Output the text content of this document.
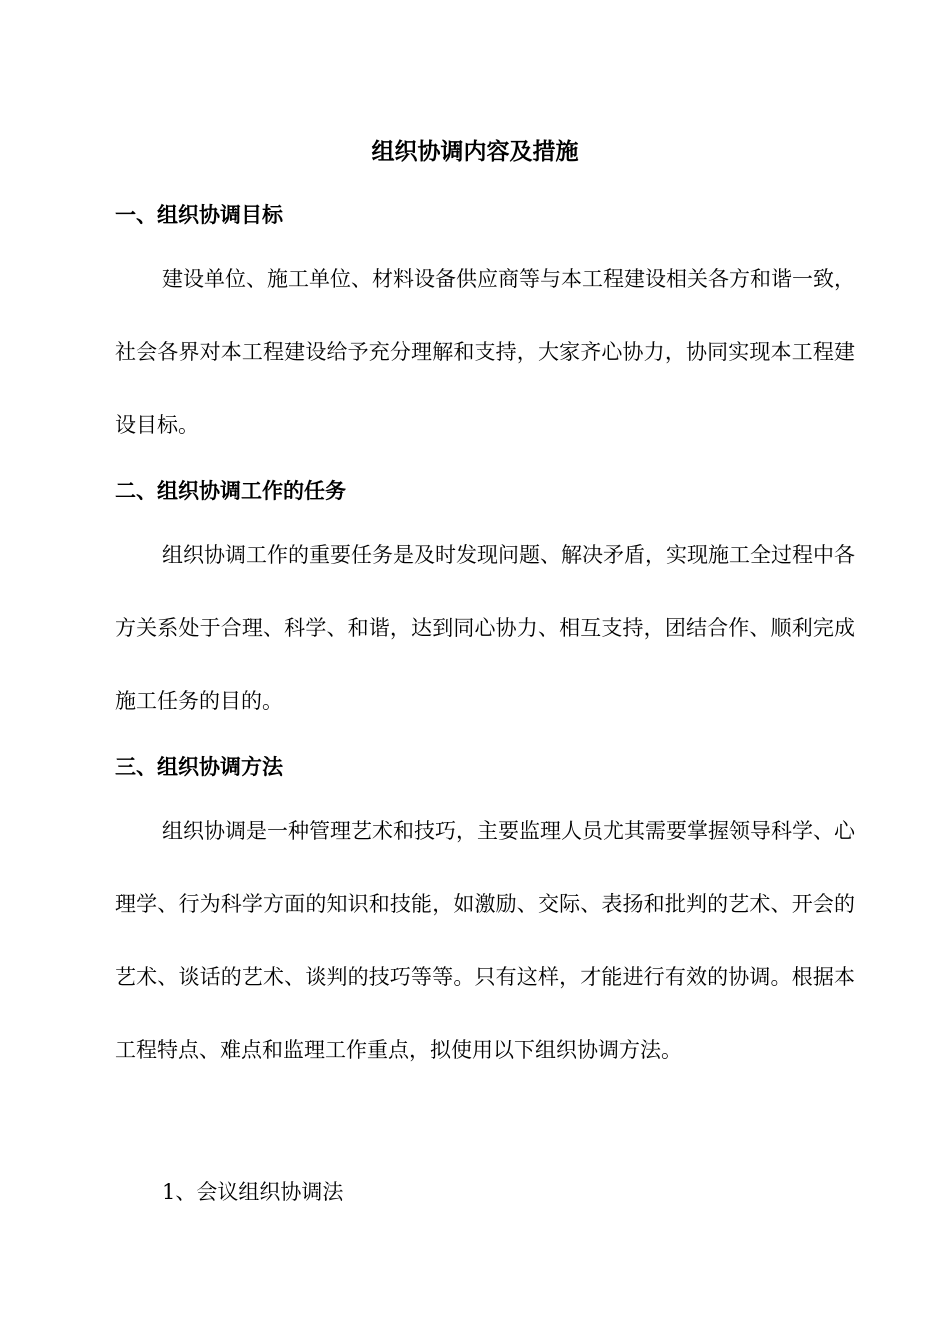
组织协调内容及措施
一、组织协调目标

建设单位、施工单位、材料设备供应商等与本工程建设相关各方和谐一致，社会各界对本工程建设给予充分理解和支持，大家齐心协力，协同实现本工程建设目标。

二、组织协调工作的任务

组织协调工作的重要任务是及时发现问题、解决矛盾，实现施工全过程中各方关系处于合理、科学、和谐，达到同心协力、相互支持，团结合作、顺利完成施工任务的目的。

三、组织协调方法

组织协调是一种管理艺术和技巧，主要监理人员尤其需要掌握领导科学、心理学、行为科学方面的知识和技能，如激励、交际、表扬和批判的艺术、开会的艺术、谈话的艺术、谈判的技巧等等。只有这样，才能进行有效的协调。根据本工程特点、难点和监理工作重点，拟使用以下组织协调方法。

1、会议组织协调法
